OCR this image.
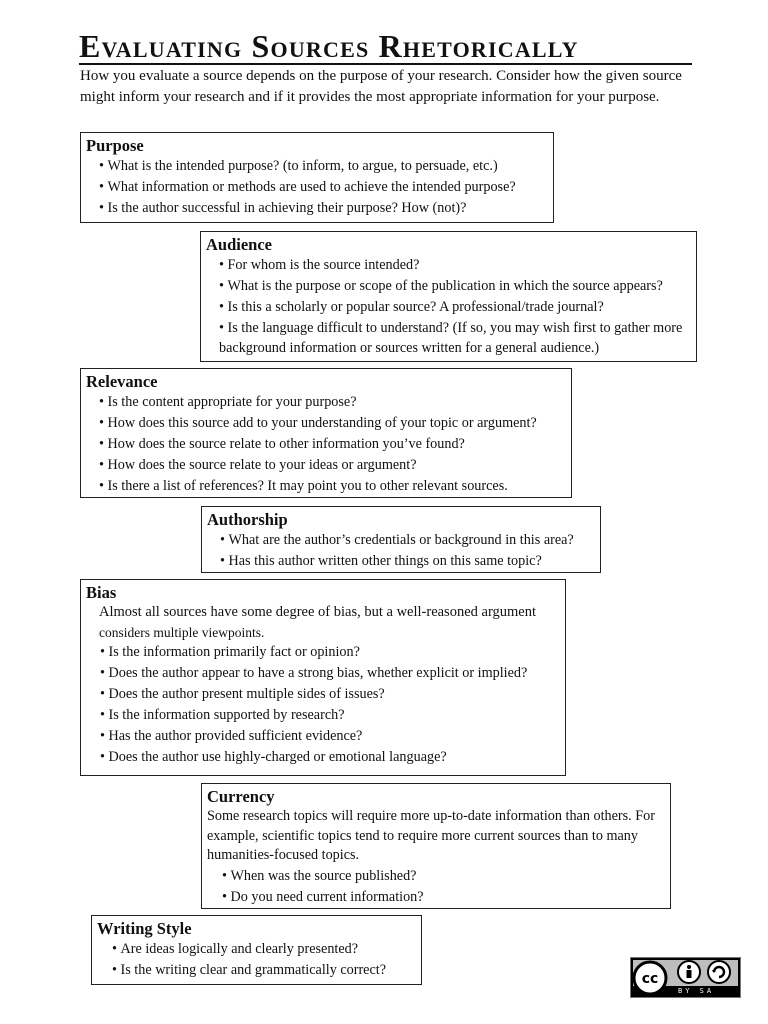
Evaluating Sources Rhetorically
How you evaluate a source depends on the purpose of your research. Consider how the given source might inform your research and if it provides the most appropriate information for your purpose.
Purpose
• What is the intended purpose? (to inform, to argue, to persuade, etc.)
• What information or methods are used to achieve the intended purpose?
• Is the author successful in achieving their purpose? How (not)?
Audience
• For whom is the source intended?
• What is the purpose or scope of the publication in which the source appears?
• Is this a scholarly or popular source? A professional/trade journal?
• Is the language difficult to understand? (If so, you may wish first to gather more background information or sources written for a general audience.)
Relevance
• Is the content appropriate for your purpose?
• How does this source add to your understanding of your topic or argument?
• How does the source relate to other information you’ve found?
• How does the source relate to your ideas or argument?
• Is there a list of references? It may point you to other relevant sources.
Authorship
• What are the author’s credentials or background in this area?
• Has this author written other things on this same topic?
Bias

Almost all sources have some degree of bias, but a well-reasoned argument

considers multiple viewpoints.

• Is the information primarily fact or opinion?
• Does the author appear to have a strong bias, whether explicit or implied?
• Does the author present multiple sides of issues?
• Is the information supported by research?
• Has the author provided sufficient evidence?
• Does the author use highly-charged or emotional language?
Currency

Some research topics will require more up-to-date information than others. For example, scientific topics tend to require more current sources than to many humanities-focused topics.

• When was the source published?
• Do you need current information?
Writing Style
• Are ideas logically and clearly presented?
• Is the writing clear and grammatically correct?
cc
BY SA
